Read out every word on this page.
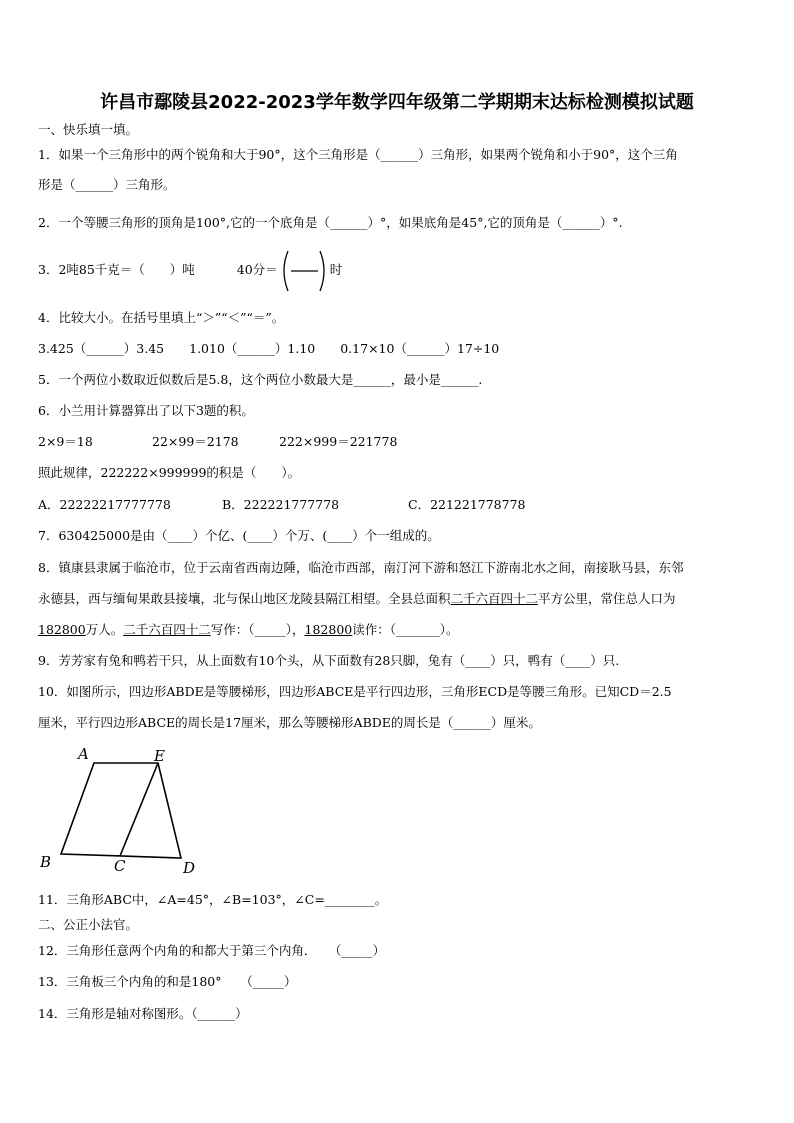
许昌市鄢陵县2022-2023学年数学四年级第二学期期末达标检测模拟试题
一、快乐填一填。
1．如果一个三角形中的两个锐角和大于90°，这个三角形是（______）三角形，如果两个锐角和小于90°，这个三角
形是（______）三角形。
2．一个等腰三角形的顶角是100°,它的一个底角是（______）°，如果底角是45°,它的顶角是（______）°.
3．2吨85千克＝（　　）吨	40分＝	时
4．比较大小。在括号里填上“＞”“＜”“＝”。
3.425（______）3.45　　1.010（______）1.10　　0.17×10（______）17÷10
5．一个两位小数取近似数后是5.8，这个两位小数最大是______，最小是______.
6．小兰用计算器算出了以下3题的积。
2×9＝18	22×99＝2178	222×999＝221778
照此规律，222222×999999的积是（　　）。
A．22222217777778	B．222221777778	C．221221778778
7．630425000是由（____）个亿、(____）个万、(____）个一组成的。
8．镇康县隶属于临沧市，位于云南省西南边陲，临沧市西部，南汀河下游和怒江下游南北水之间，南接耿马县，东邻
永德县，西与缅甸果敢县接壤，北与保山地区龙陵县隔江相望。全县总面积二千六百四十二平方公里，常住总人口为
182800万人。二千六百四十二写作：（_____），182800读作：（_______）。
9．芳芳家有兔和鸭若干只，从上面数有10个头，从下面数有28只脚，兔有（____）只，鸭有（____）只.
10．如图所示，四边形ABDE是等腰梯形，四边形ABCE是平行四边形，三角形ECD是等腰三角形。已知CD＝2.5
厘米，平行四边形ABCE的周长是17厘米，那么等腰梯形ABDE的周长是（______）厘米。
A	E
B	C	D
11．三角形ABC中，∠A=45°，∠B=103°，∠C=________。
二、公正小法官。
12．三角形任意两个内角的和都大于第三个内角．　　（_____）
13．三角板三个内角的和是180°　　（_____）
14．三角形是轴对称图形。（______）
